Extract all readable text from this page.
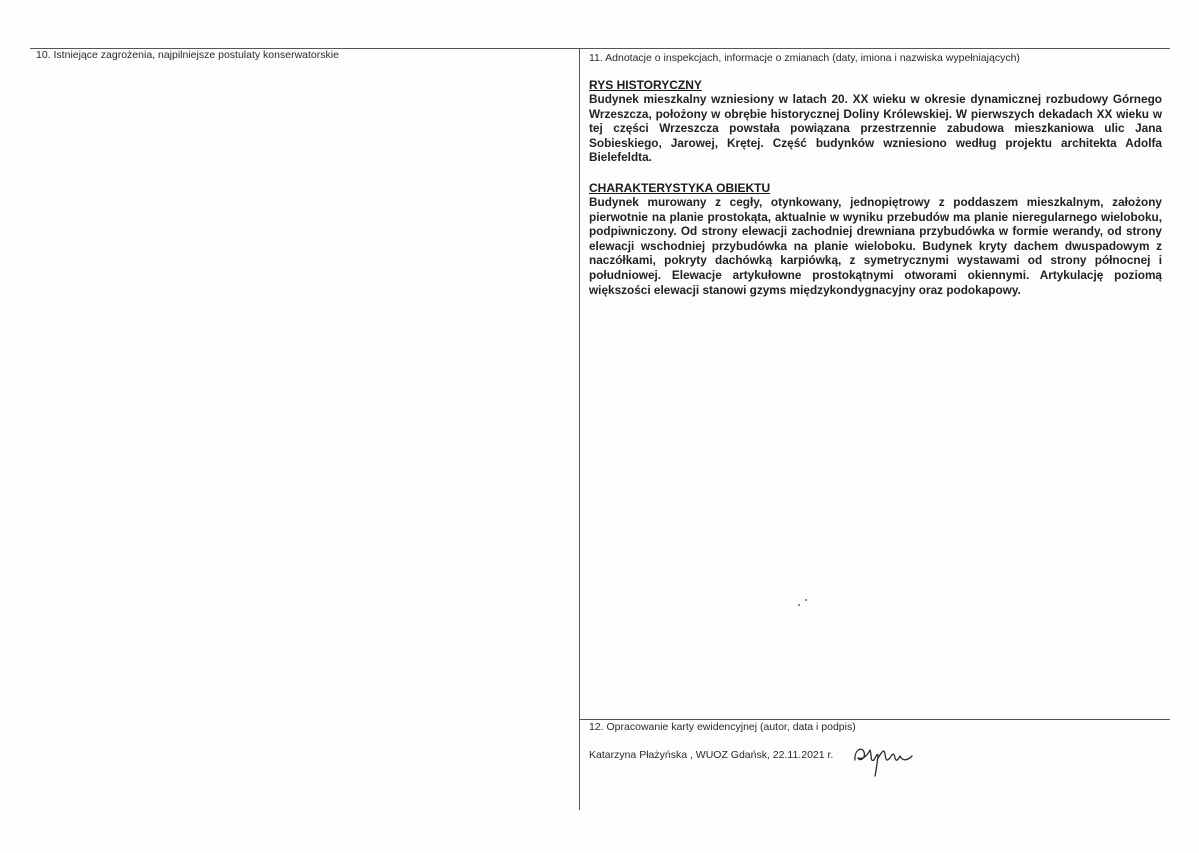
10. Istniejące zagrożenia, najpilniejsze postulaty konserwatorskie	11. Adnotacje o inspekcjach, informacje o zmianach (daty, imiona i nazwiska wypełniających)

RYS HISTORYCZNY

Budynek mieszkalny wzniesiony w latach 20. XX wieku w okresie dynamicznej rozbudowy Górnego Wrzeszcza, położony w obrębie historycznej Doliny Królewskiej. W pierwszych dekadach XX wieku w tej części Wrzeszcza powstała powiązana przestrzennie zabudowa mieszkaniowa ulic Jana Sobieskiego, Jarowej, Krętej. Część budynków wzniesiono według projektu architekta Adolfa Bielefeldta.

CHARAKTERYSTYKA OBIEKTU

Budynek murowany z cegły, otynkowany, jednopiętrowy z poddaszem mieszkalnym, założony pierwotnie na planie prostokąta, aktualnie w wyniku przebudów ma planie nieregularnego wieloboku, podpiwniczony. Od strony elewacji zachodniej drewniana przybudówka w formie werandy, od strony elewacji wschodniej przybudówka na planie wieloboku. Budynek kryty dachem dwuspadowym z naczółkami, pokryty dachówką karpiówką, z symetrycznymi wystawami od strony północnej i południowej. Elewacje artykułowne prostokątnymi otworami okiennymi. Artykulację poziomą większości elewacji stanowi gzyms międzykondygnacyjny oraz podokapowy.

12. Opracowanie karty ewidencyjnej (autor, data i podpis)
Katarzyna Płażyńska , WUOZ Gdańsk, 22.11.2021 r.
